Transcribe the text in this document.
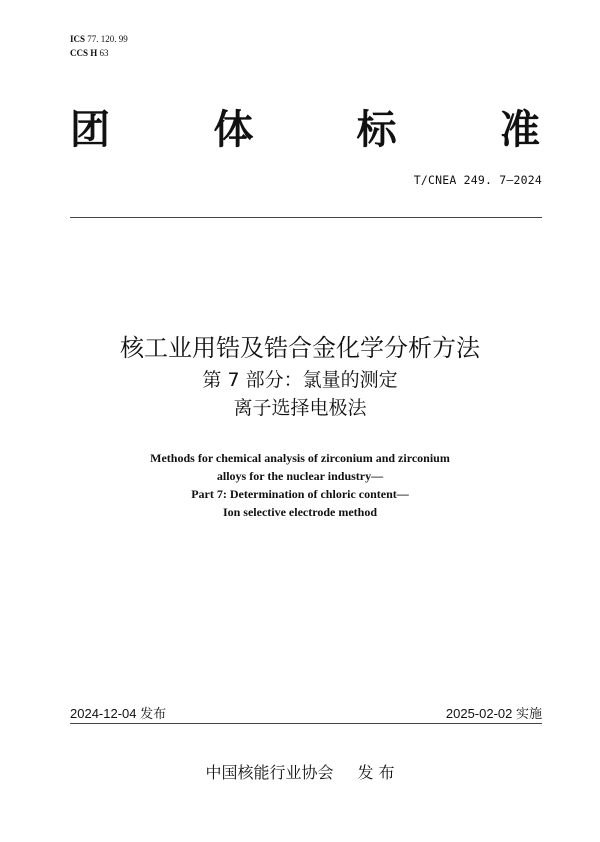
ICS 77. 120. 99
CCS H 63
团	体	标	准
T/CNEA 249. 7—2024
核工业用锆及锆合金化学分析方法
第 7 部分：氯量的测定
离子选择电极法
Methods for chemical analysis of zirconium and zirconium
alloys for the nuclear industry—
Part 7: Determination of chloric content—
Ion selective electrode method
2024-12-04 发布	2025-02-02 实施
中国核能行业协会 发 布
